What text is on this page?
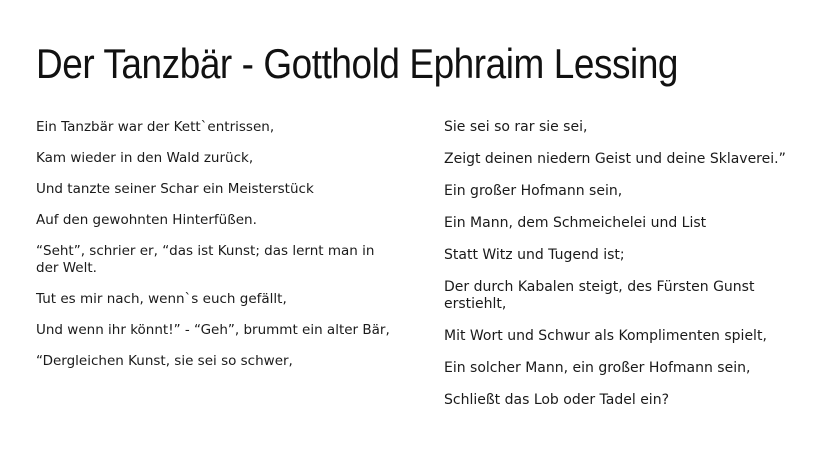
Der Tanzbär - Gotthold Ephraim Lessing

Ein Tanzbär war der Kett`entrissen,

Kam wieder in den Wald zurück,

Und tanzte seiner Schar ein Meisterstück

Auf den gewohnten Hinterfüßen.

“Seht”, schrier er, “das ist Kunst; das lernt man in der Welt.

Tut es mir nach, wenn`s euch gefällt,

Und wenn ihr könnt!” - “Geh”, brummt ein alter Bär,

“Dergleichen Kunst, sie sei so schwer,

Sie sei so rar sie sei,

Zeigt deinen niedern Geist und deine Sklaverei.”

Ein großer Hofmann sein,

Ein Mann, dem Schmeichelei und List

Statt Witz und Tugend ist;

Der durch Kabalen steigt, des Fürsten Gunst erstiehlt,

Mit Wort und Schwur als Komplimenten spielt,

Ein solcher Mann, ein großer Hofmann sein,

Schließt das Lob oder Tadel ein?
